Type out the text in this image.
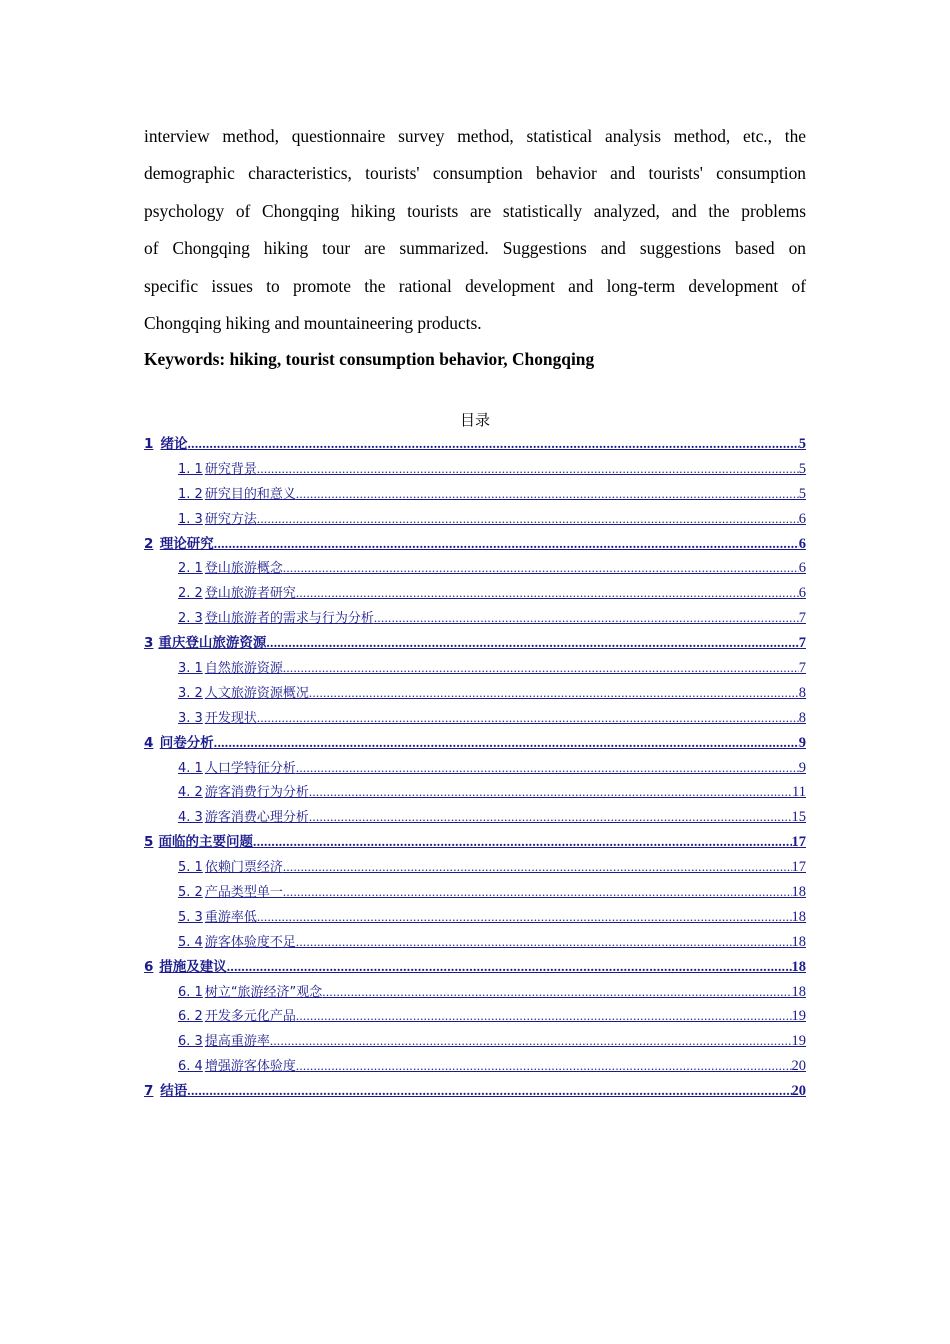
interview method, questionnaire survey method, statistical analysis method, etc., the
demographic characteristics, tourists' consumption behavior and tourists' consumption
psychology of Chongqing hiking tourists are statistically analyzed, and the problems
of Chongqing hiking tour are summarized. Suggestions and suggestions based on
specific issues to promote the rational development and long-term development of
Chongqing hiking and mountaineering products.
Keywords: hiking, tourist consumption behavior, Chongqing
目录
1 绪论 .....	5
1. 1 研究背景 .....	5
1. 2 研究目的和意义 .....	5
1. 3 研究方法 .....	6
2 理论研究 .....	6
2. 1 登山旅游概念 .....	6
2. 2 登山旅游者研究 .....	6
2. 3 登山旅游者的需求与行为分析 .....	7
3 重庆登山旅游资源 .....	7
3. 1 自然旅游资源 .....	7
3. 2 人文旅游资源概况 .....	8
3. 3 开发现状 .....	8
4 问卷分析 .....	9
4. 1 人口学特征分析 .....	9
4. 2 游客消费行为分析 .....	11
4. 3 游客消费心理分析 .....	15
5 面临的主要问题 .....	17
5. 1 依赖门票经济 .....	17
5. 2 产品类型单一 .....	18
5. 3 重游率低 .....	18
5. 4 游客体验度不足 .....	18
6 措施及建议 .....	18
6. 1 树立“旅游经济”观念 .....	18
6. 2 开发多元化产品 .....	19
6. 3 提高重游率 .....	19
6. 4 增强游客体验度 .....	20
7 结语 .....	20
